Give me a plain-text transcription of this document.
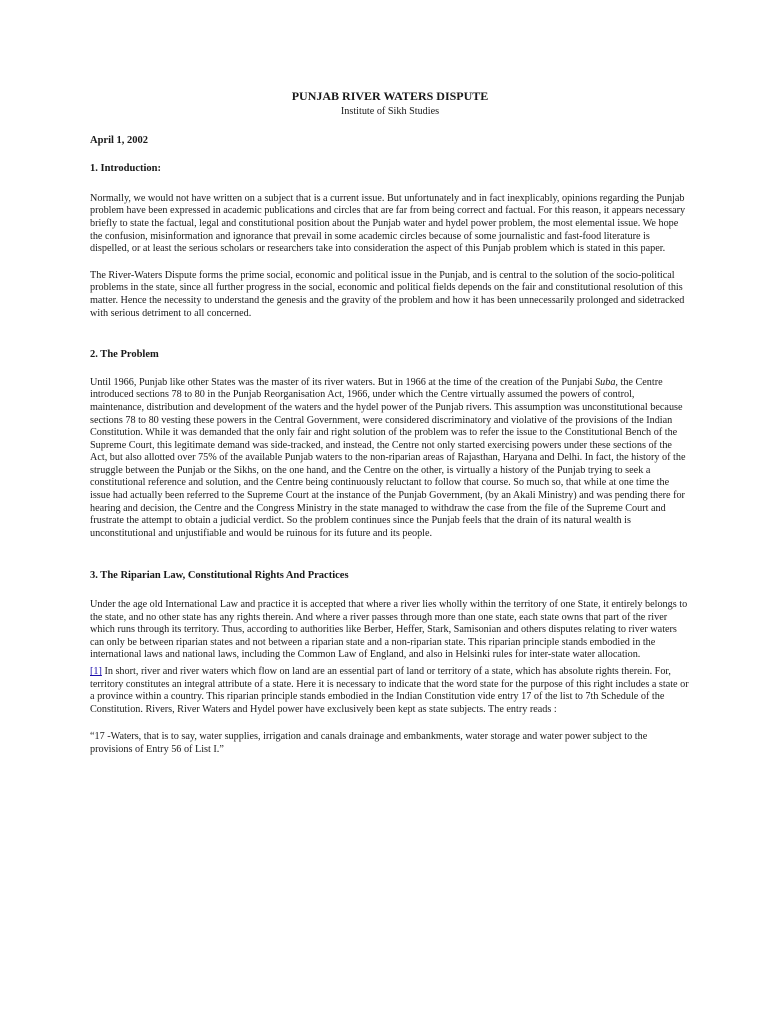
PUNJAB RIVER WATERS DISPUTE
Institute of Sikh Studies
April 1, 2002
1. Introduction:

Normally, we would not have written on a subject that is a current issue. But unfortunately and in fact inexplicably, opinions regarding the Punjab problem have been expressed in academic publications and circles that are far from being correct and factual. For this reason, it appears necessary briefly to state the factual, legal and constitutional position about the Punjab water and hydel power problem, the most elemental issue. We hope the confusion, misinformation and ignorance that prevail in some academic circles because of some journalistic and fast-food literature is dispelled, or at least the serious scholars or researchers take into consideration the aspect of this Punjab problem which is stated in this paper.

The River-Waters Dispute forms the prime social, economic and political issue in the Punjab, and is central to the solution of the socio-political problems in the state, since all further progress in the social, economic and political fields depends on the fair and constitutional resolution of this matter. Hence the necessity to understand the genesis and the gravity of the problem and how it has been unnecessarily prolonged and sidetracked with serious detriment to all concerned.

2. The Problem

Until 1966, Punjab like other States was the master of its river waters. But in 1966 at the time of the creation of the Punjabi Suba, the Centre introduced sections 78 to 80 in the Punjab Reorganisation Act, 1966, under which the Centre virtually assumed the powers of control, maintenance, distribution and development of the waters and the hydel power of the Punjab rivers. This assumption was unconstitutional because sections 78 to 80 vesting these powers in the Central Government, were considered discriminatory and violative of the provisions of the Indian Constitution. While it was demanded that the only fair and right solution of the problem was to refer the issue to the Constitutional Bench of the Supreme Court, this legitimate demand was side-tracked, and instead, the Centre not only started exercising powers under these sections of the Act, but also allotted over 75% of the available Punjab waters to the non-riparian areas of Rajasthan, Haryana and Delhi. In fact, the history of the struggle between the Punjab or the Sikhs, on the one hand, and the Centre on the other, is virtually a history of the Punjab trying to seek a constitutional reference and solution, and the Centre being continuously reluctant to follow that course. So much so, that while at one time the issue had actually been referred to the Supreme Court at the instance of the Punjab Government, (by an Akali Ministry) and was pending there for hearing and decision, the Centre and the Congress Ministry in the state managed to withdraw the case from the file of the Supreme Court and frustrate the attempt to obtain a judicial verdict. So the problem continues since the Punjab feels that the drain of its natural wealth is unconstitutional and unjustifiable and would be ruinous for its future and its people.

3. The Riparian Law, Constitutional Rights And Practices

Under the age old International Law and practice it is accepted that where a river lies wholly within the territory of one State, it entirely belongs to the state, and no other state has any rights therein. And where a river passes through more than one state, each state owns that part of the river which runs through its territory. Thus, according to authorities like Berber, Heffer, Stark, Samisonian and others disputes relating to river waters can only be between riparian states and not between a riparian state and a non-riparian state. This riparian principle stands embodied in the international laws and national laws, including the Common Law of England, and also in Helsinki rules for inter-state water allocation.

[1] In short, river and river waters which flow on land are an essential part of land or territory of a state, which has absolute rights therein. For, territory constitutes an integral attribute of a state. Here it is necessary to indicate that the word state for the purpose of this right includes a state or a province within a country. This riparian principle stands embodied in the Indian Constitution vide entry 17 of the list to 7th Schedule of the Constitution. Rivers, River Waters and Hydel power have exclusively been kept as state subjects. The entry reads :

“17 -Waters, that is to say, water supplies, irrigation and canals drainage and embankments, water storage and water power subject to the provisions of Entry 56 of List I.”
